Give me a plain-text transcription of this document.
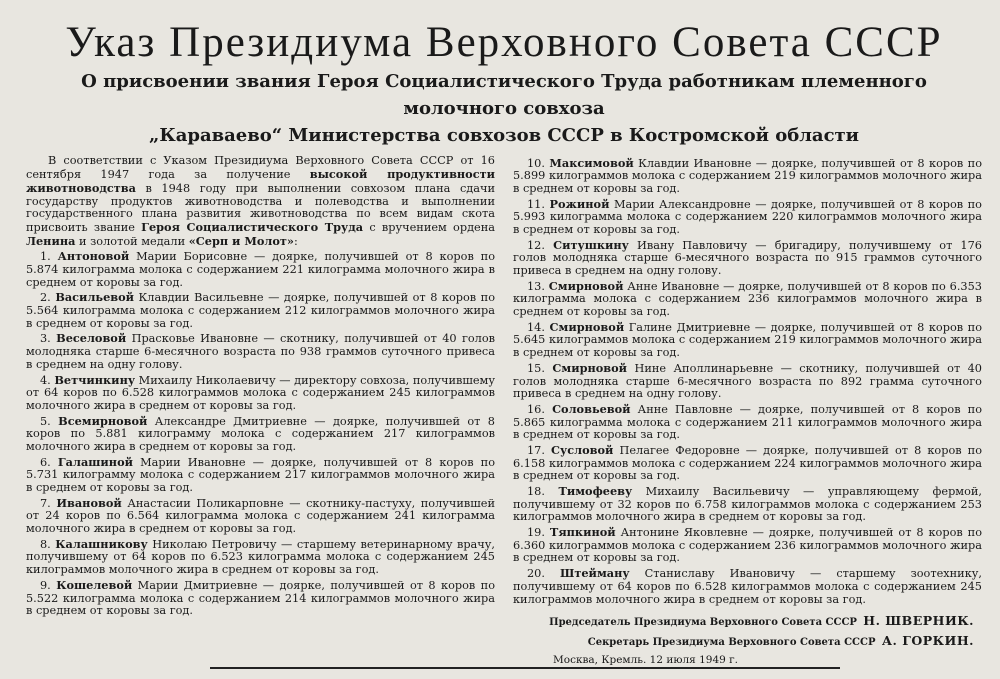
Указ Президиума Верховного Совета СССР
О присвоении звания Героя Социалистического Труда работникам племенного молочного совхоза
„Караваево“ Министерства совхозов СССР в Костромской области

В соответствии с Указом Президиума Верховного Совета СССР от 16 сентября 1947 года за получение высокой продуктивности животноводства в 1948 году при выполнении совхозом плана сдачи государству продуктов животноводства и полеводства и выполнении государственного плана развития животноводства по всем видам скота присвоить звание Героя Социалистического Труда с вручением ордена Ленина и золотой медали «Серп и Молот»:

1. Антоновой Марии Борисовне — доярке, получившей от 8 коров по 5.874 килограмма молока с содержанием 221 килограмма молочного жира в среднем от коровы за год.

2. Васильевой Клавдии Васильевне — доярке, получившей от 8 коров по 5.564 килограмма молока с содержанием 212 килограммов молочного жира в среднем от коровы за год.

3. Веселовой Прасковье Ивановне — скотнику, получившей от 40 голов молодняка старше 6-месячного возраста по 938 граммов суточного привеса в среднем на одну голову.

4. Ветчинкину Михаилу Николаевичу — директору совхоза, получившему от 64 коров по 6.528 килограммов молока с содержанием 245 килограммов молочного жира в среднем от коровы за год.

5. Всемирновой Александре Дмитриевне — доярке, получившей от 8 коров по 5.881 килограмму молока с содержанием 217 килограммов молочного жира в среднем от коровы за год.

6. Галашиной Марии Ивановне — доярке, получившей от 8 коров по 5.731 килограмму молока с содержанием 217 килограммов молочного жира в среднем от коровы за год.

7. Ивановой Анастасии Поликарповне — скотнику-пастуху, получившей от 24 коров по 6.564 килограмма молока с содержанием 241 килограмма молочного жира в среднем от коровы за год.

8. Калашникову Николаю Петровичу — старшему ветеринарному врачу, получившему от 64 коров по 6.523 килограмма молока с содержанием 245 килограммов молочного жира в среднем от коровы за год.

9. Кошелевой Марии Дмитриевне — доярке, получившей от 8 коров по 5.522 килограмма молока с содержанием 214 килограммов молочного жира в среднем от коровы за год.

10. Максимовой Клавдии Ивановне — доярке, получившей от 8 коров по 5.899 килограммов молока с содержанием 219 килограммов молочного жира в среднем от коровы за год.

11. Рожиной Марии Александровне — доярке, получившей от 8 коров по 5.993 килограмма молока с содержанием 220 килограммов молочного жира в среднем от коровы за год.

12. Ситушкину Ивану Павловичу — бригадиру, получившему от 176 голов молодняка старше 6-месячного возраста по 915 граммов суточного привеса в среднем на одну голову.

13. Смирновой Анне Ивановне — доярке, получившей от 8 коров по 6.353 килограмма молока с содержанием 236 килограммов молочного жира в среднем от коровы за год.

14. Смирновой Галине Дмитриевне — доярке, получившей от 8 коров по 5.645 килограммов молока с содержанием 219 килограммов молочного жира в среднем от коровы за год.

15. Смирновой Нине Аполлинарьевне — скотнику, получившей от 40 голов молодняка старше 6-месячного возраста по 892 грамма суточного привеса в среднем на одну голову.

16. Соловьевой Анне Павловне — доярке, получившей от 8 коров по 5.865 килограмма молока с содержанием 211 килограммов молочного жира в среднем от коровы за год.

17. Сусловой Пелагее Федоровне — доярке, получившей от 8 коров по 6.158 килограммов молока с содержанием 224 килограммов молочного жира в среднем от коровы за год.

18. Тимофееву Михаилу Васильевичу — управляющему фермой, получившему от 32 коров по 6.758 килограммов молока с содержанием 253 килограммов молочного жира в среднем от коровы за год.

19. Тяпкиной Антонине Яковлевне — доярке, получившей от 8 коров по 6.360 килограммов молока с содержанием 236 килограммов молочного жира в среднем от коровы за год.

20. Штейману Станиславу Ивановичу — старшему зоотехнику, получившему от 64 коров по 6.528 килограммов молока с содержанием 245 килограммов молочного жира в среднем от коровы за год.

Председатель Президиума Верховного Совета СССР Н. ШВЕРНИК.
Секретарь Президиума Верховного Совета СССР А. ГОРКИН.
Москва, Кремль. 12 июля 1949 г.
